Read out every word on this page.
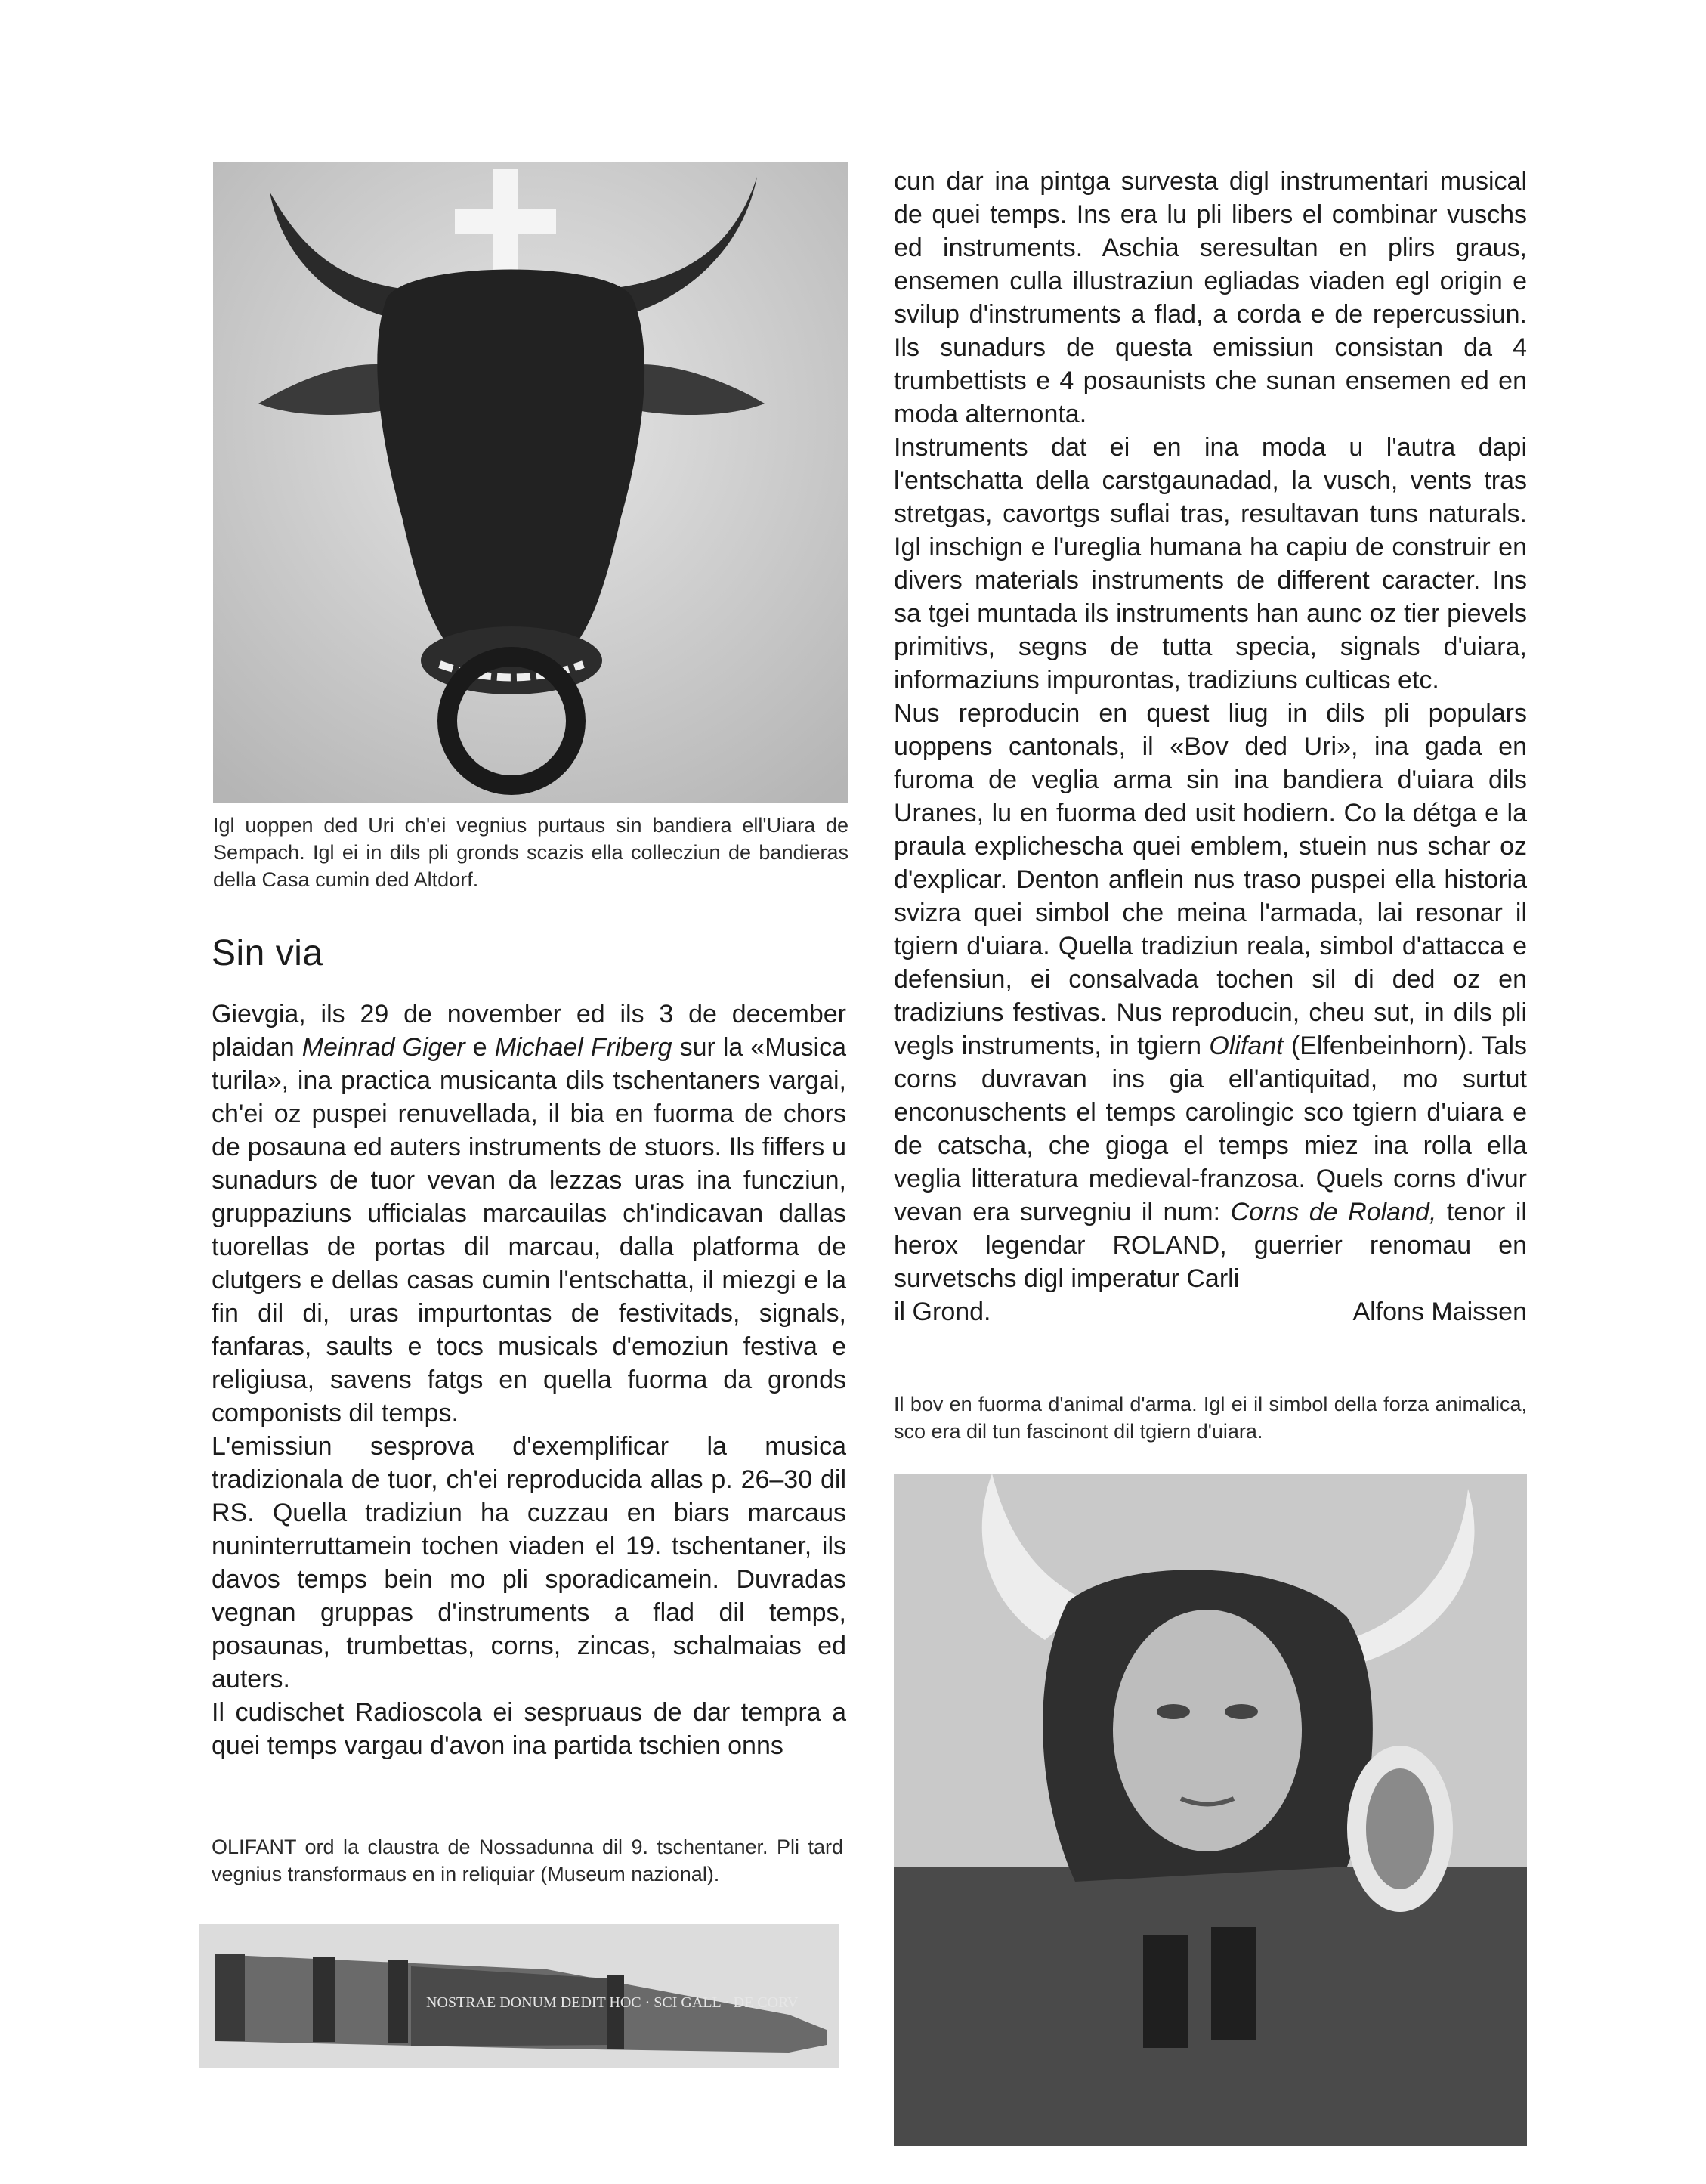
Igl uoppen ded Uri ch'ei vegnius purtaus sin bandiera ell'Uiara de Sempach. Igl ei in dils pli gronds scazis ella collecziun de bandieras della Casa cumin ded Altdorf.
Sin via

Gievgia, ils 29 de november ed ils 3 de december plaidan Meinrad Giger e Michael Friberg sur la «Musica turila», ina practica musicanta dils tschentaners vargai, ch'ei oz puspei renuvellada, il bia en fuorma de chors de posauna ed auters instruments de stuors. Ils fiffers u sunadurs de tuor vevan da lezzas uras ina funcziun, gruppaziuns ufficialas marcauilas ch'indicavan dallas tuorellas de portas dil marcau, dalla platforma de clutgers e dellas casas cumin l'entschatta, il miezgi e la fin dil di, uras impurtontas de festivitads, signals, fanfaras, saults e tocs musicals d'emoziun festiva e religiusa, savens fatgs en quella fuorma da gronds componists dil temps.

L'emissiun sesprova d'exemplificar la musica tradizionala de tuor, ch'ei reproducida allas p. 26–30 dil RS. Quella tradiziun ha cuzzau en biars marcaus nuninterruttamein tochen viaden el 19. tschentaner, ils davos temps bein mo pli sporadicamein. Duvradas vegnan gruppas d'instruments a flad dil temps, posaunas, trumbettas, corns, zincas, schalmaias ed auters.

Il cudischet Radioscola ei sespruaus de dar tempra a quei temps vargau d'avon ina partida tschien onns

OLIFANT ord la claustra de Nossadunna dil 9. tschentaner. Pli tard vegnius transformaus en in reliquiar (Museum nazional).
NOSTRAE DONUM DEDIT HOC · SCI GALL · DE CORV

cun dar ina pintga survesta digl instrumentari musical de quei temps. Ins era lu pli libers el combinar vuschs ed instruments. Aschia seresultan en plirs graus, ensemen culla illustraziun egliadas viaden egl origin e svilup d'instruments a flad, a corda e de repercussiun. Ils sunadurs de questa emissiun consistan da 4 trumbettists e 4 posaunists che sunan ensemen ed en moda alternonta.

Instruments dat ei en ina moda u l'autra dapi l'entschatta della carstgaunadad, la vusch, vents tras stretgas, cavortgs suflai tras, resultavan tuns naturals. Igl inschign e l'ureglia humana ha capiu de construir en divers materials instruments de different caracter. Ins sa tgei muntada ils instruments han aunc oz tier pievels primitivs, segns de tutta specia, signals d'uiara, informaziuns impurontas, tradiziuns culticas etc.

Nus reproducin en quest liug in dils pli populars uoppens cantonals, il «Bov ded Uri», ina gada en furoma de veglia arma sin ina bandiera d'uiara dils Uranes, lu en fuorma ded usit hodiern. Co la détga e la praula explichescha quei emblem, stuein nus schar oz d'explicar. Denton anflein nus traso puspei ella historia svizra quei simbol che meina l'armada, lai resonar il tgiern d'uiara. Quella tradiziun reala, simbol d'attacca e defensiun, ei consalvada tochen sil di ded oz en tradiziuns festivas. Nus reproducin, cheu sut, in dils pli vegls instruments, in tgiern Olifant (Elfenbeinhorn). Tals corns duvravan ins gia ell'antiquitad, mo surtut enconuschents el temps carolingic sco tgiern d'uiara e de catscha, che gioga el temps miez ina rolla ella veglia litteratura medieval-franzosa. Quels corns d'ivur vevan era survegniu il num: Corns de Roland, tenor il herox legendar ROLAND, guerrier renomau en survetschs digl imperatur Carli

il Grond.	Alfons Maissen
Il bov en fuorma d'animal d'arma. Igl ei il simbol della forza animalica, sco era dil tun fascinont dil tgiern d'uiara.
